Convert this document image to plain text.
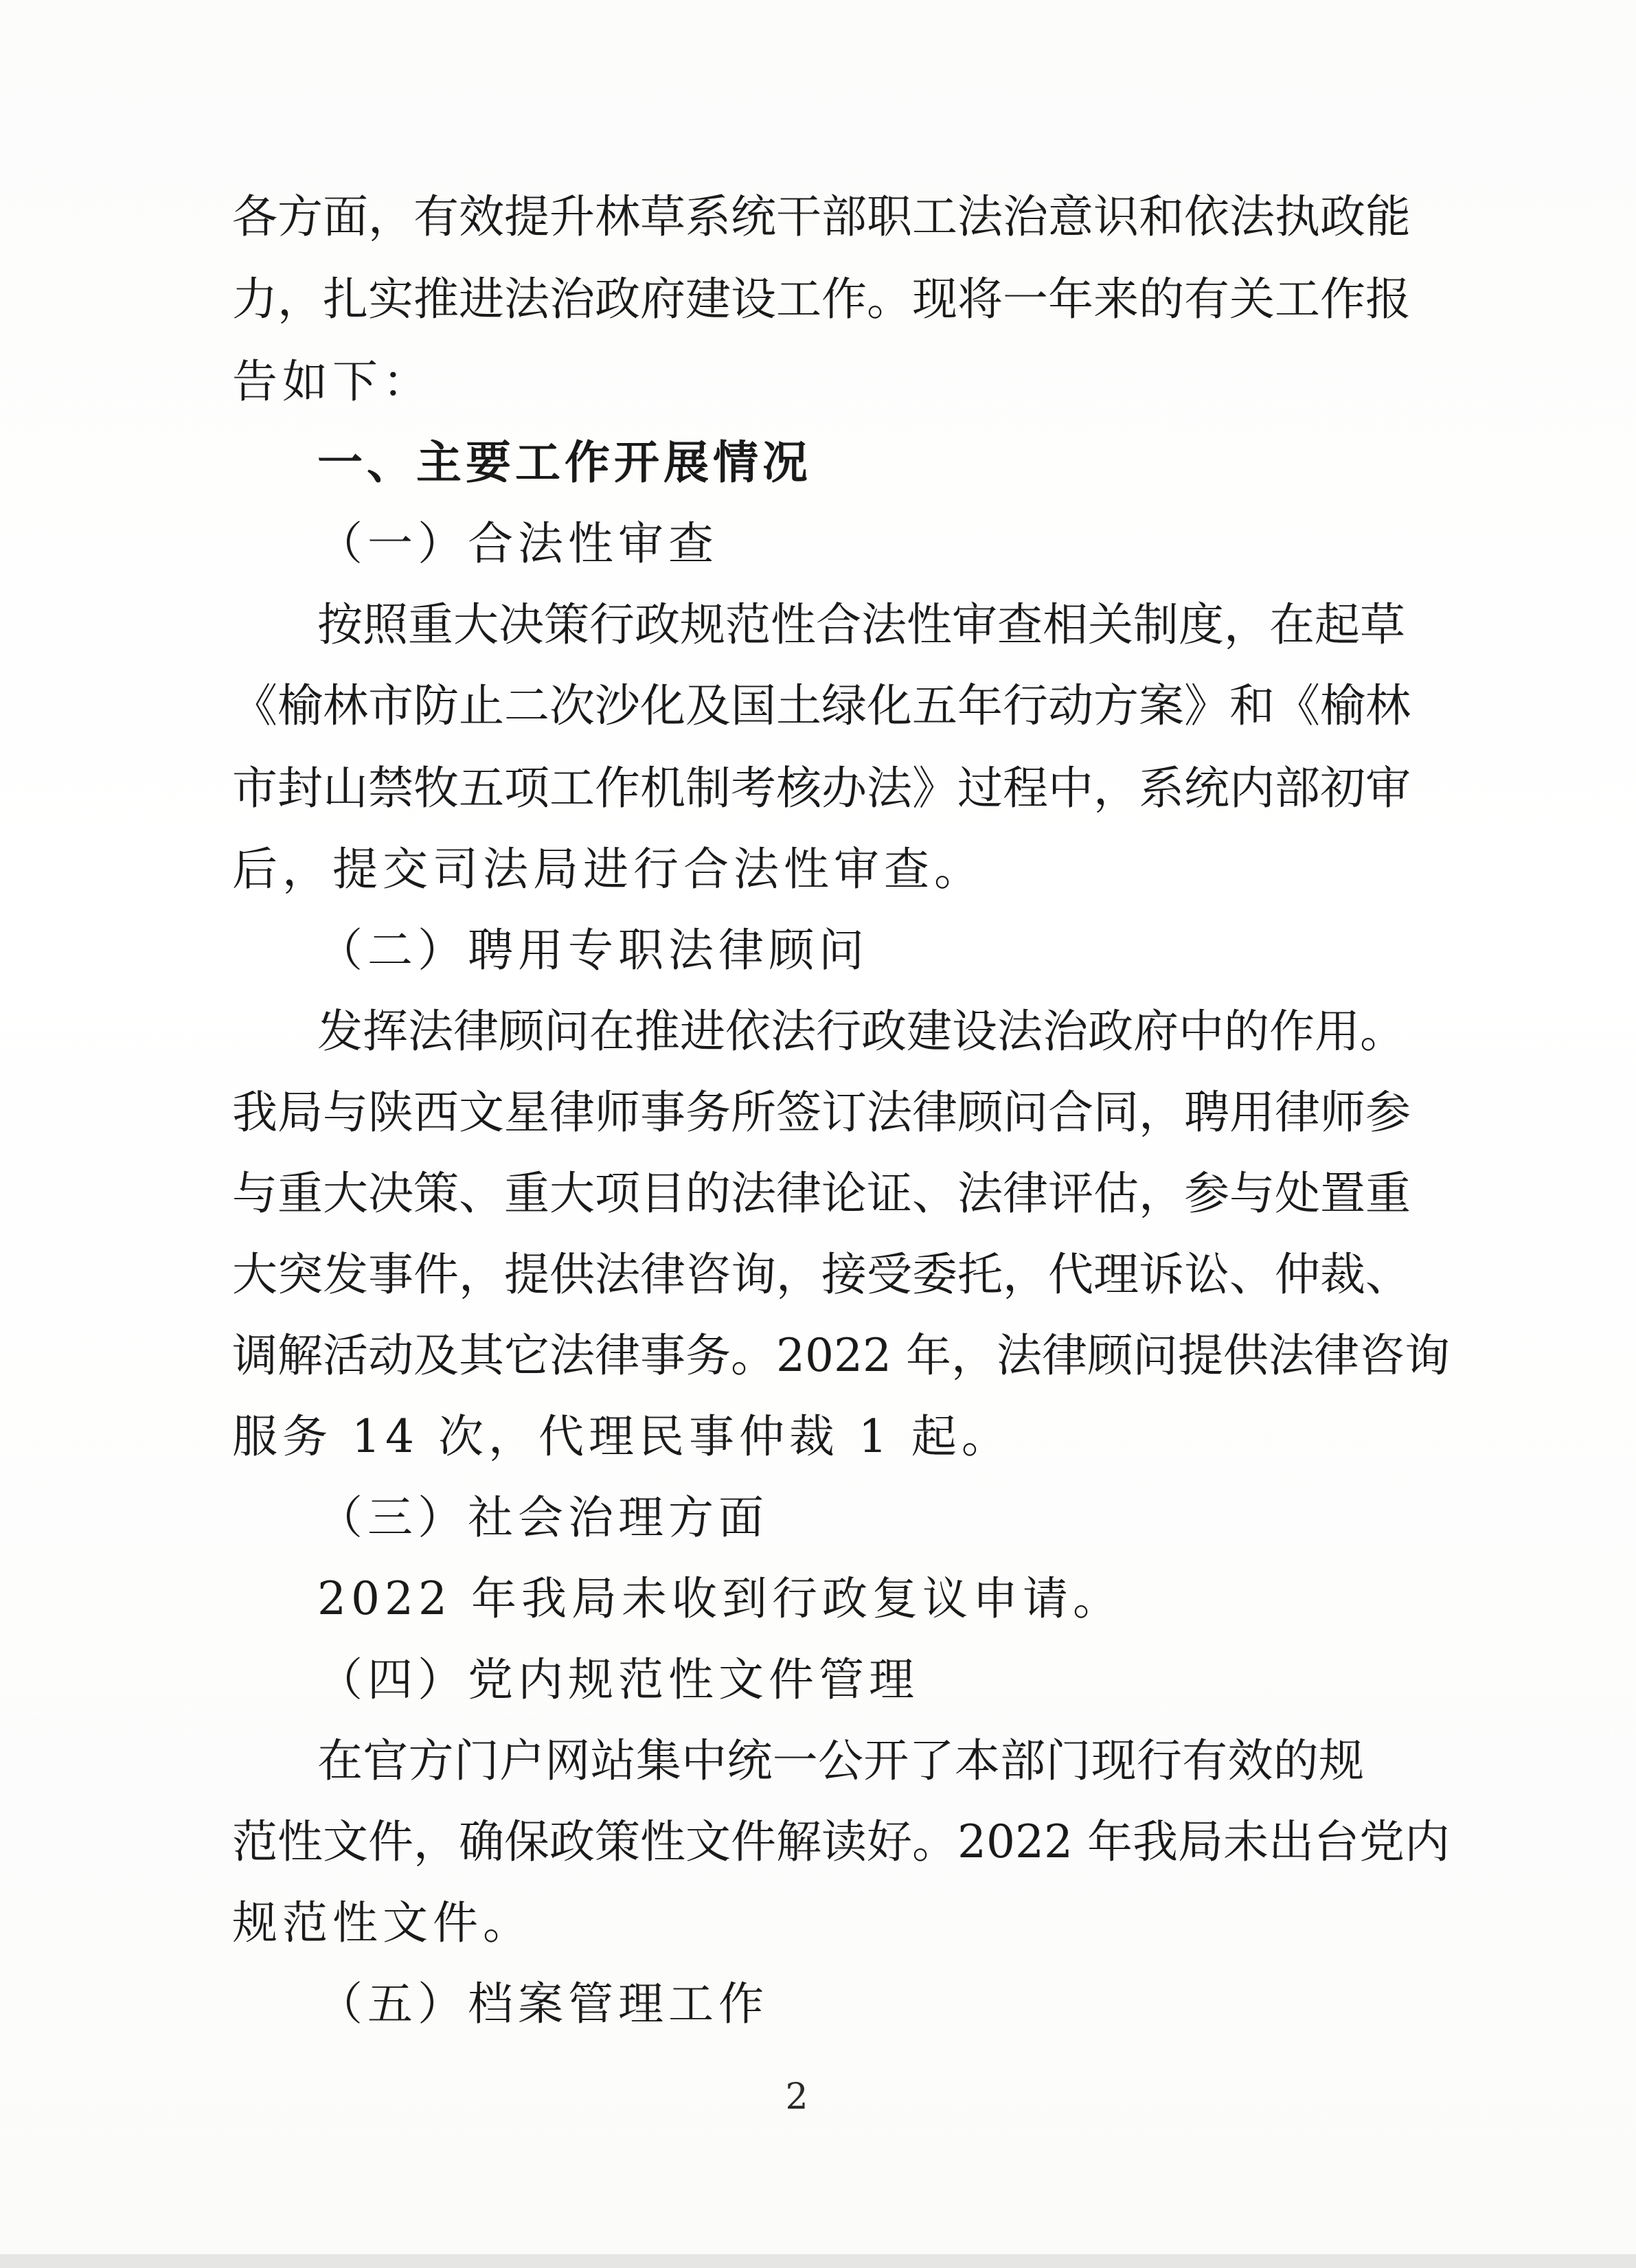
各方面，有效提升林草系统干部职工法治意识和依法执政能
力，扎实推进法治政府建设工作。现将一年来的有关工作报
告如下：
一、主要工作开展情况
（一）合法性审查
按照重大决策行政规范性合法性审查相关制度，在起草
《榆林市防止二次沙化及国土绿化五年行动方案》和《榆林
市封山禁牧五项工作机制考核办法》过程中，系统内部初审
后，提交司法局进行合法性审查。
（二）聘用专职法律顾问
发挥法律顾问在推进依法行政建设法治政府中的作用。
我局与陕西文星律师事务所签订法律顾问合同，聘用律师参
与重大决策、重大项目的法律论证、法律评估，参与处置重
大突发事件，提供法律咨询，接受委托，代理诉讼、仲裁、
调解活动及其它法律事务。2022 年，法律顾问提供法律咨询
服务 14 次，代理民事仲裁 1 起。
（三）社会治理方面
2022 年我局未收到行政复议申请。
（四）党内规范性文件管理
在官方门户网站集中统一公开了本部门现行有效的规
范性文件，确保政策性文件解读好。2022 年我局未出台党内
规范性文件。
（五）档案管理工作
2
